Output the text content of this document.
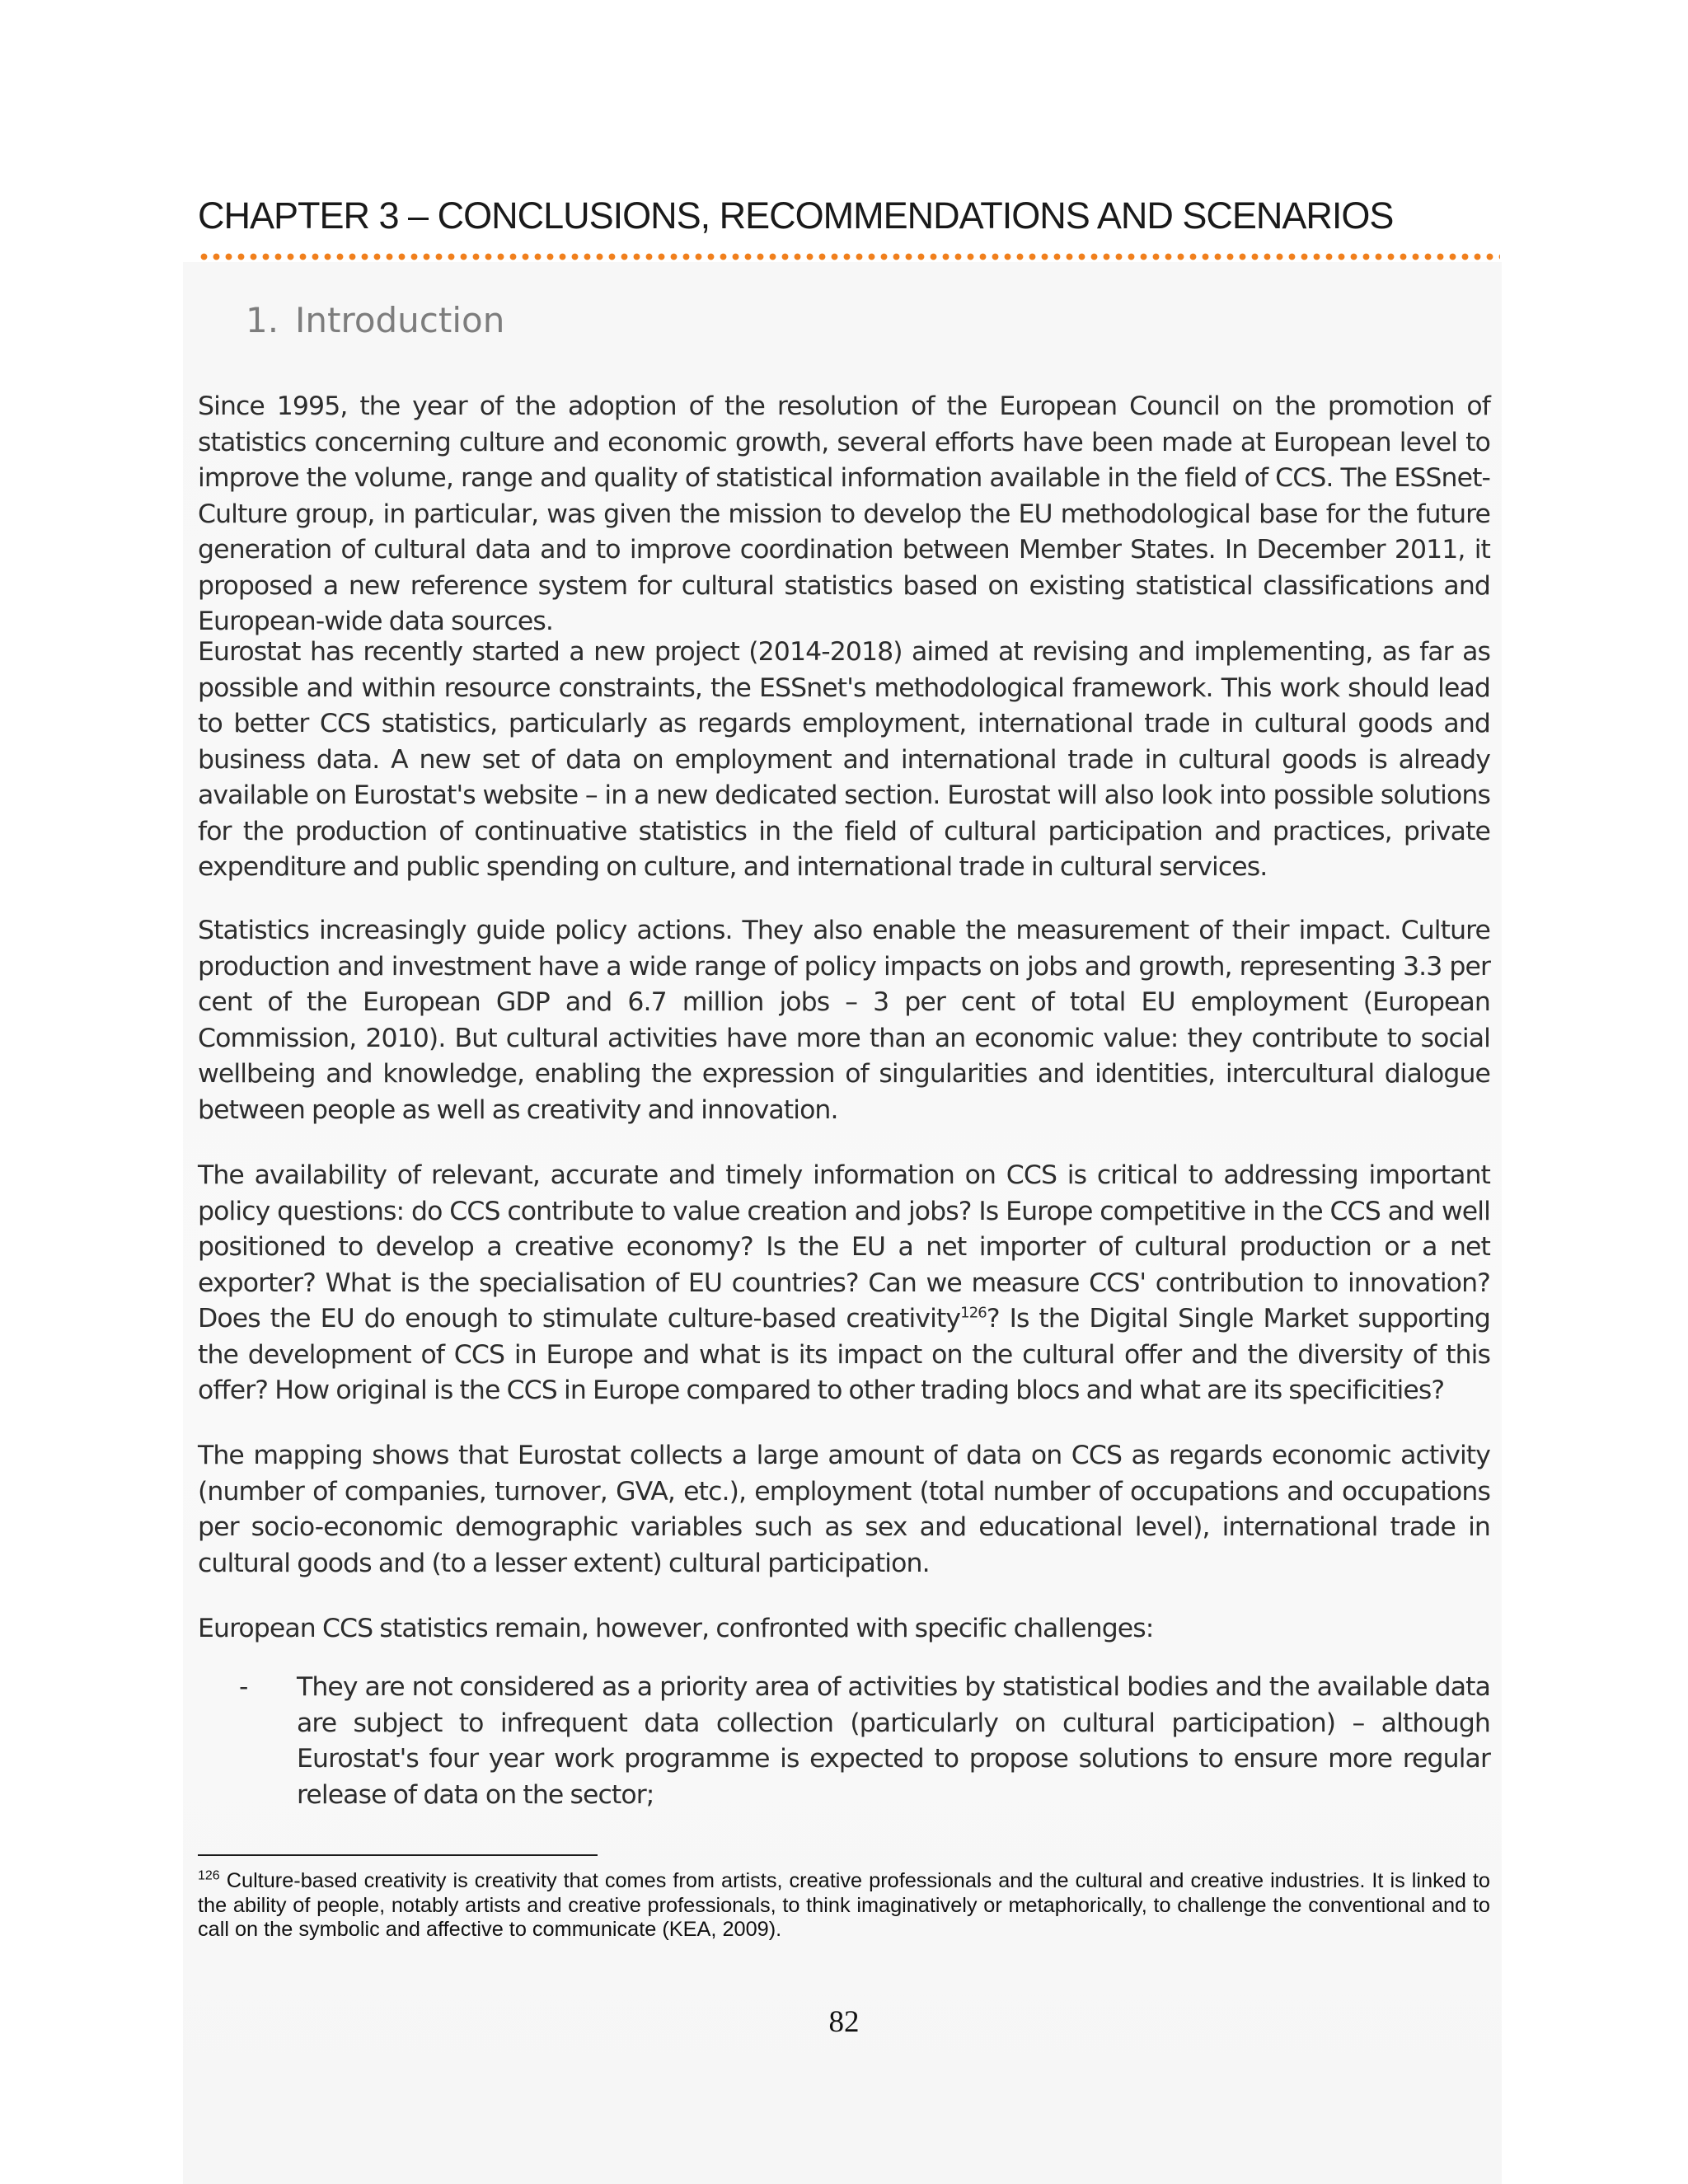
CHAPTER 3 – CONCLUSIONS, RECOMMENDATIONS AND SCENARIOS
1. Introduction

Since 1995, the year of the adoption of the resolution of the European Council on the promotion of statistics concerning culture and economic growth, several efforts have been made at European level to improve the volume, range and quality of statistical information available in the field of CCS. The ESSnet-Culture group, in particular, was given the mission to develop the EU methodological base for the future generation of cultural data and to improve coordination between Member States. In December 2011, it proposed a new reference system for cultural statistics based on existing statistical classifications and European-wide data sources.

Eurostat has recently started a new project (2014-2018) aimed at revising and implementing, as far as possible and within resource constraints, the ESSnet's methodological framework. This work should lead to better CCS statistics, particularly as regards employment, international trade in cultural goods and business data. A new set of data on employment and international trade in cultural goods is already available on Eurostat's website – in a new dedicated section. Eurostat will also look into possible solutions for the production of continuative statistics in the field of cultural participation and practices, private expenditure and public spending on culture, and international trade in cultural services.

Statistics increasingly guide policy actions. They also enable the measurement of their impact. Culture production and investment have a wide range of policy impacts on jobs and growth, representing 3.3 per cent of the European GDP and 6.7 million jobs – 3 per cent of total EU employment (European Commission, 2010). But cultural activities have more than an economic value: they contribute to social wellbeing and knowledge, enabling the expression of singularities and identities, intercultural dialogue between people as well as creativity and innovation.

The availability of relevant, accurate and timely information on CCS is critical to addressing important policy questions: do CCS contribute to value creation and jobs? Is Europe competitive in the CCS and well positioned to develop a creative economy? Is the EU a net importer of cultural production or a net exporter? What is the specialisation of EU countries? Can we measure CCS' contribution to innovation? Does the EU do enough to stimulate culture-based creativity$^{126}$? Is the Digital Single Market supporting the development of CCS in Europe and what is its impact on the cultural offer and the diversity of this offer? How original is the CCS in Europe compared to other trading blocs and what are its specificities?

The mapping shows that Eurostat collects a large amount of data on CCS as regards economic activity (number of companies, turnover, GVA, etc.), employment (total number of occupations and occupations per socio-economic demographic variables such as sex and educational level), international trade in cultural goods and (to a lesser extent) cultural participation.

European CCS statistics remain, however, confronted with specific challenges:

- They are not considered as a priority area of activities by statistical bodies and the available data are subject to infrequent data collection (particularly on cultural participation) – although Eurostat's four year work programme is expected to propose solutions to ensure more regular release of data on the sector;

$^{126}$ Culture-based creativity is creativity that comes from artists, creative professionals and the cultural and creative industries. It is linked to the ability of people, notably artists and creative professionals, to think imaginatively or metaphorically, to challenge the conventional and to call on the symbolic and affective to communicate (KEA, 2009).

82
